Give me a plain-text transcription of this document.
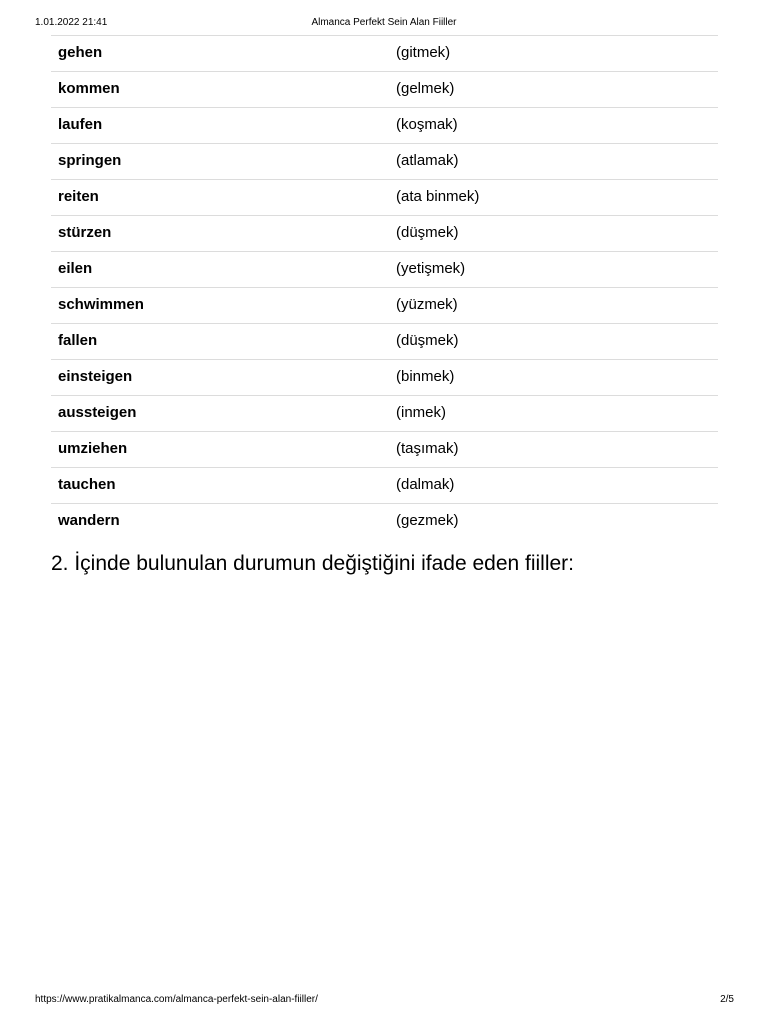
1.01.2022 21:41	Almanca Perfekt Sein Alan Fiiller
gehen	(gitmek)
kommen	(gelmek)
laufen	(koşmak)
springen	(atlamak)
reiten	(ata binmek)
stürzen	(düşmek)
eilen	(yetişmek)
schwimmen	(yüzmek)
fallen	(düşmek)
einsteigen	(binmek)
aussteigen	(inmek)
umziehen	(taşımak)
tauchen	(dalmak)
wandern	(gezmek)
2. İçinde bulunulan durumun değiştiğini ifade eden fiiller:
https://www.pratikalmanca.com/almanca-perfekt-sein-alan-fiiller/	2/5
